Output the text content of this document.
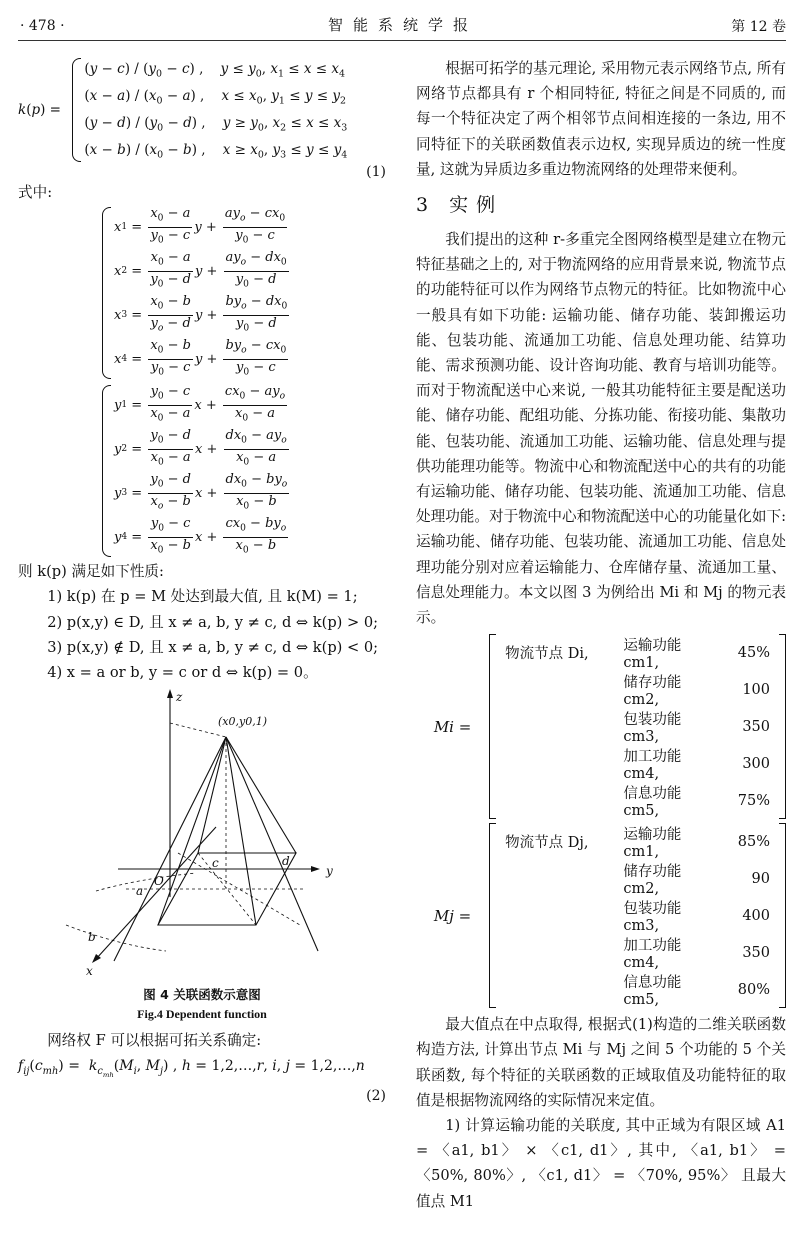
· 478 ·	智能系统学报	第 12 卷
k(p) =
$(y - c) / (y_0 - c)$ ,    $y \le y_0$, $x_1 \le x \le x_4$
$(x - a) / (x_0 - a)$ ,    $x \le x_0$, $y_1 \le y \le y_2$
$(y - d) / (y_0 - d)$ ,    $y \ge y_0$, $x_2 \le x \le x_3$
$(x - b) / (x_0 - b)$ ,    $x \ge x_0$, $y_3 \le y \le y_4$
(1)
式中:
x $1 = \frac{x_0 - a}{y_0 - c}$ $y + \frac{ay_o - cx_0}{y_0 - c}$
x $2 = \frac{x_0 - a}{y_0 - d}$ $y + \frac{ay_o - dx_0}{y_0 - d}$
x $3 = \frac{x_0 - b}{y_o - d}$ $y + \frac{by_o - dx_0}{y_0 - d}$
x $4 = \frac{x_0 - b}{y_0 - c}$ $y + \frac{by_o - cx_0}{y_0 - c}$
y $1 = \frac{y_0 - c}{x_0 - a}$ $x + \frac{cx_0 - ay_o}{x_0 - a}$
y $2 = \frac{y_0 - d}{x_0 - a}$ $x + \frac{dx_0 - ay_o}{x_0 - a}$
y $3 = \frac{y_0 - d}{x_o - b}$ $x + \frac{dx_0 - by_o}{x_0 - b}$
y $4 = \frac{y_0 - c}{x_0 - b}$ $x + \frac{cx_0 - by_o}{x_0 - b}$
则 k(p) 满足如下性质:
1) k(p) 在 p = M 处达到最大值, 且 k(M) = 1;
2) p(x,y) ∈ D, 且 x ≠ a, b, y ≠ c, d ⇔ k(p) > 0;
3) p(x,y) ∉ D, 且 x ≠ a, b, y ≠ c, d ⇔ k(p) < 0;
4) x = a or b, y = c or d ⇔ k(p) = 0。
z
y
x
O
(x0,y0,1)
a
b
c	d
图 4 关联函数示意图
Fig.4 Dependent function
网络权 F 可以根据可拓关系确定:
$f_{ij}(c_{mh}) = k_{c_{mh}}(M_i$, $M_j$) , h = 1,2,…,r, i, j = 1,2,…,n
(2)

根据可拓学的基元理论, 采用物元表示网络节点, 所有网络节点都具有 r 个相同特征, 特征之间是不同质的, 而每一个特征决定了两个相邻节点间相连接的一条边, 用不同特征下的关联函数值表示边权, 实现异质边的统一性度量, 这就为异质边多重边物流网络的处理带来便利。

3 实 例

我们提出的这种 r-多重完全图网络模型是建立在物元特征基础之上的, 对于物流网络的应用背景来说, 物流节点的功能特征可以作为网络节点物元的特征。比如物流中心一般具有如下功能: 运输功能、储存功能、装卸搬运功能、包装功能、流通加工功能、信息处理功能、结算功能、需求预测功能、设计咨询功能、教育与培训功能等。而对于物流配送中心来说, 一般其功能特征主要是配送功能、储存功能、配组功能、分拣功能、衔接功能、集散功能、包装功能、流通加工功能、运输功能、信息处理与提供功能理功能等。物流中心和物流配送中心的共有的功能有运输功能、储存功能、包装功能、流通加工功能、信息处理功能。对于物流中心和物流配送中心的功能量化如下: 运输功能、储存功能、包装功能、流通加工功能、信息处理功能分别对应着运输能力、仓库储存量、流通加工量、信息处理能力。本文以图 3 为例给出 Mi 和 Mj 的物元表示。

Mi =
物流节点 Di,	运输功能 cm1,	45%
	储存功能 cm2,	100
	包装功能 cm3,	350
	加工功能 cm4,	300
	信息功能 cm5,	75%
Mj =
物流节点 Dj,	运输功能 cm1,	85%
	储存功能 cm2,	90
	包装功能 cm3,	400
	加工功能 cm4,	350
	信息功能 cm5,	80%

最大值点在中点取得, 根据式(1)构造的二维关联函数构造方法, 计算出节点 Mi 与 Mj 之间 5 个功能的 5 个关联函数, 每个特征的关联函数的正域取值及功能特征的取值是根据物流网络的实际情况来定值。

1) 计算运输功能的关联度, 其中正域为有限区域 A1 = 〈a1, b1〉 × 〈c1, d1〉, 其中, 〈a1, b1〉 = 〈50%, 80%〉, 〈c1, d1〉 = 〈70%, 95%〉 且最大值点 M1
